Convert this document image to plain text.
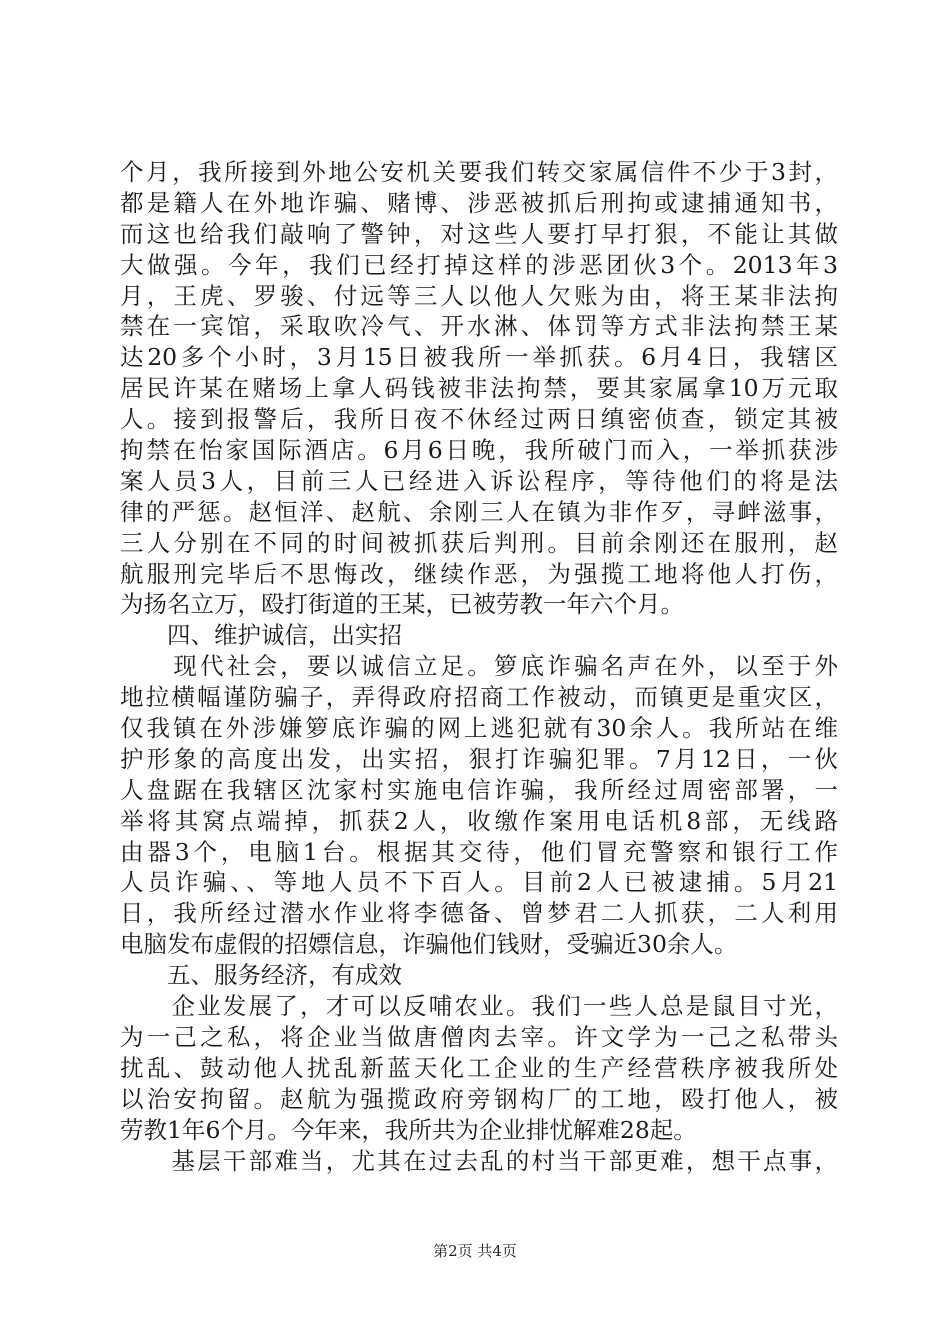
个月，我所接到外地公安机关要我们转交家属信件不少于3封，
都是籍人在外地诈骗、赌博、涉恶被抓后刑拘或逮捕通知书，
而这也给我们敲响了警钟，对这些人要打早打狠，不能让其做
大做强。今年，我们已经打掉这样的涉恶团伙3个。2013年3
月，王虎、罗骏、付远等三人以他人欠账为由，将王某非法拘
禁在一宾馆，采取吹冷气、开水淋、体罚等方式非法拘禁王某
达20多个小时，3月15日被我所一举抓获。6月4日，我辖区
居民许某在赌场上拿人码钱被非法拘禁，要其家属拿10万元取
人。接到报警后，我所日夜不休经过两日缜密侦查，锁定其被
拘禁在怡家国际酒店。6月6日晚，我所破门而入，一举抓获涉
案人员3人，目前三人已经进入诉讼程序，等待他们的将是法
律的严惩。赵恒洋、赵航、余刚三人在镇为非作歹，寻衅滋事，
三人分别在不同的时间被抓获后判刑。目前余刚还在服刑，赵
航服刑完毕后不思悔改，继续作恶，为强揽工地将他人打伤，
为扬名立万，殴打街道的王某，已被劳教一年六个月。
　　四、维护诚信，出实招
　　现代社会，要以诚信立足。箩底诈骗名声在外，以至于外
地拉横幅谨防骗子，弄得政府招商工作被动，而镇更是重灾区，
仅我镇在外涉嫌箩底诈骗的网上逃犯就有30余人。我所站在维
护形象的高度出发，出实招，狠打诈骗犯罪。7月12日，一伙
人盘踞在我辖区沈家村实施电信诈骗，我所经过周密部署，一
举将其窝点端掉，抓获2人，收缴作案用电话机8部，无线路
由器3个，电脑1台。根据其交待，他们冒充警察和银行工作
人员诈骗、、等地人员不下百人。目前2人已被逮捕。5月21
日，我所经过潜水作业将李德备、曾梦君二人抓获，二人利用
电脑发布虚假的招嫖信息，诈骗他们钱财，受骗近30余人。
　　五、服务经济，有成效
　　企业发展了，才可以反哺农业。我们一些人总是鼠目寸光，
为一己之私，将企业当做唐僧肉去宰。许文学为一己之私带头
扰乱、鼓动他人扰乱新蓝天化工企业的生产经营秩序被我所处
以治安拘留。赵航为强揽政府旁钢构厂的工地，殴打他人，被
劳教1年6个月。今年来，我所共为企业排忧解难28起。
　　基层干部难当，尤其在过去乱的村当干部更难，想干点事，
第2页 共4页
